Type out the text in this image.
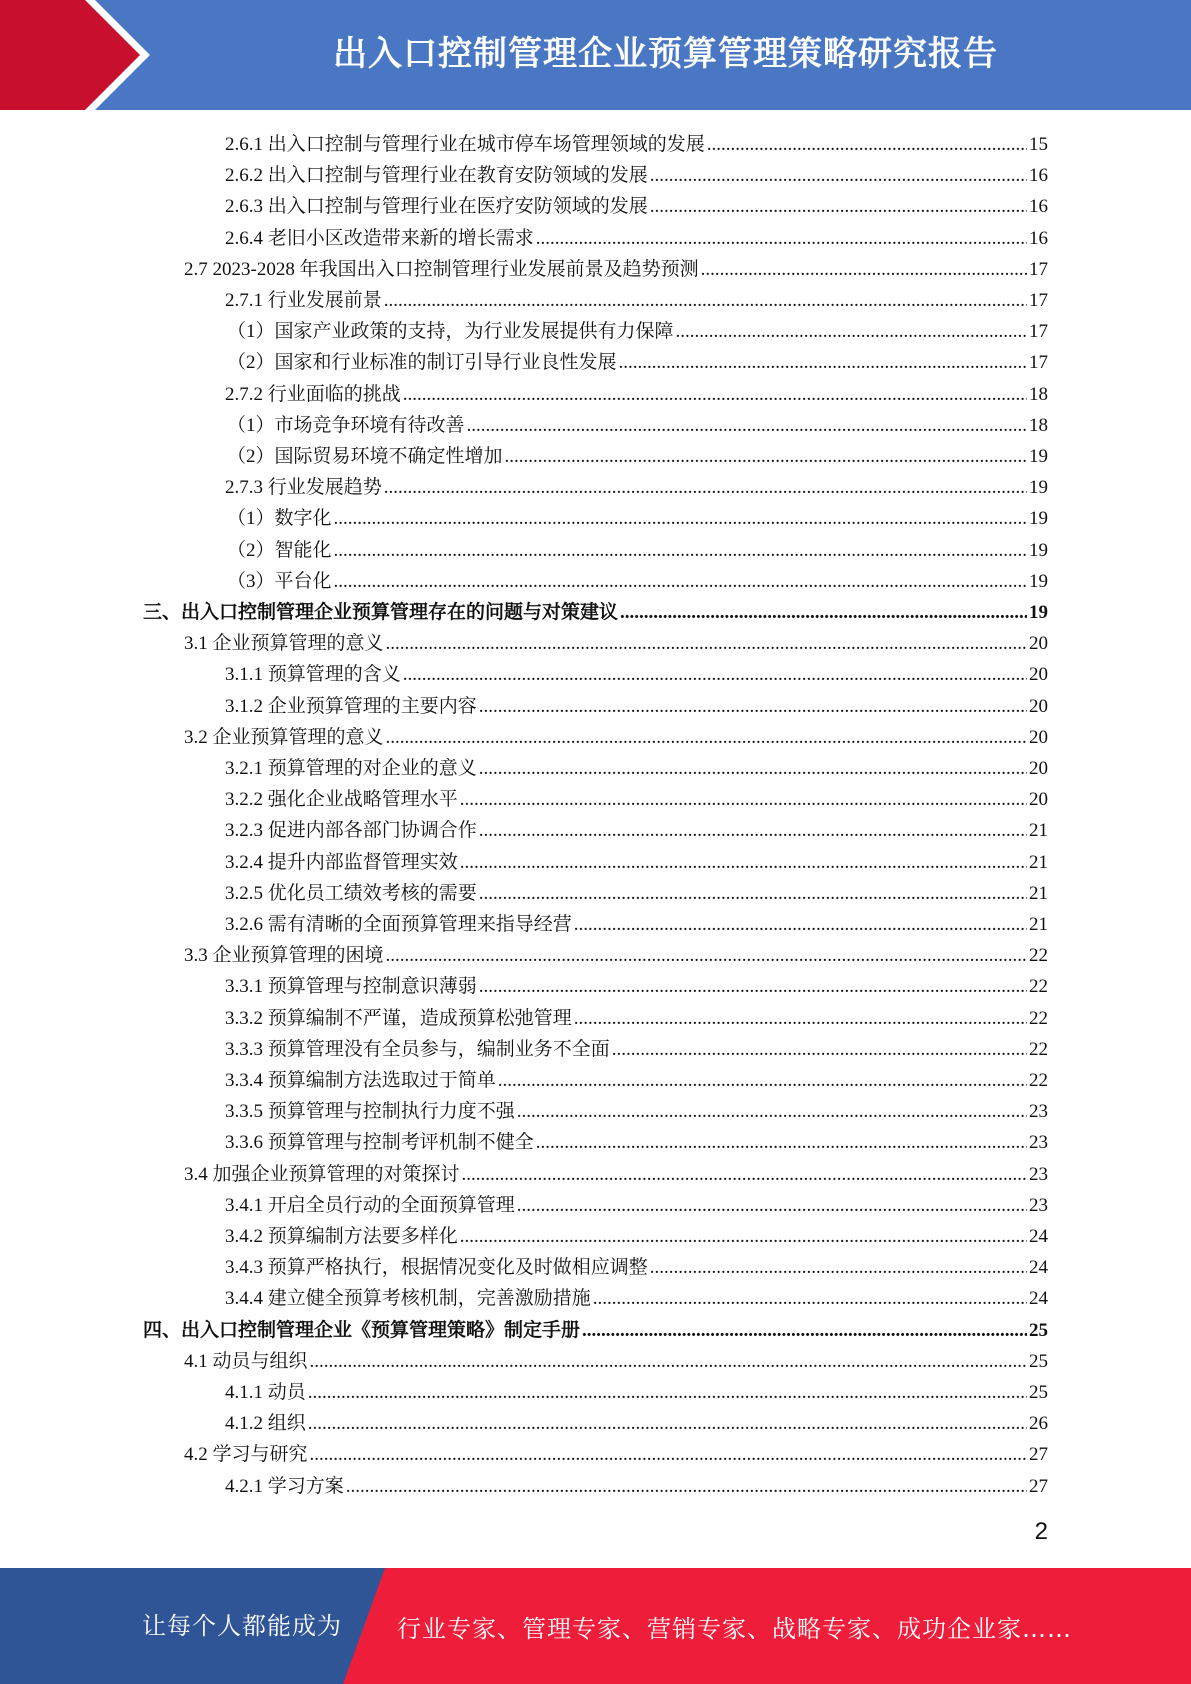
出入口控制管理企业预算管理策略研究报告
2.6.1 出入口控制与管理行业在城市停车场管理领域的发展 .....	15
2.6.2 出入口控制与管理行业在教育安防领域的发展 .....	16
2.6.3 出入口控制与管理行业在医疗安防领域的发展 .....	16
2.6.4 老旧小区改造带来新的增长需求 .....	16
2.7 2023-2028 年我国出入口控制管理行业发展前景及趋势预测 .....	17
2.7.1 行业发展前景 .....	17
（1）国家产业政策的支持，为行业发展提供有力保障 .....	17
（2）国家和行业标准的制订引导行业良性发展 .....	17
2.7.2 行业面临的挑战 .....	18
（1）市场竞争环境有待改善 .....	18
（2）国际贸易环境不确定性增加 .....	19
2.7.3 行业发展趋势 .....	19
（1）数字化 .....	19
（2）智能化 .....	19
（3）平台化 .....	19
三、出入口控制管理企业预算管理存在的问题与对策建议 .....	19
3.1 企业预算管理的意义 .....	20
3.1.1 预算管理的含义 .....	20
3.1.2 企业预算管理的主要内容 .....	20
3.2 企业预算管理的意义 .....	20
3.2.1 预算管理的对企业的意义 .....	20
3.2.2 强化企业战略管理水平 .....	20
3.2.3 促进内部各部门协调合作 .....	21
3.2.4 提升内部监督管理实效 .....	21
3.2.5 优化员工绩效考核的需要 .....	21
3.2.6 需有清晰的全面预算管理来指导经营 .....	21
3.3 企业预算管理的困境 .....	22
3.3.1 预算管理与控制意识薄弱 .....	22
3.3.2 预算编制不严谨，造成预算松弛管理 .....	22
3.3.3 预算管理没有全员参与，编制业务不全面 .....	22
3.3.4 预算编制方法选取过于简单 .....	22
3.3.5 预算管理与控制执行力度不强 .....	23
3.3.6 预算管理与控制考评机制不健全 .....	23
3.4 加强企业预算管理的对策探讨 .....	23
3.4.1 开启全员行动的全面预算管理 .....	23
3.4.2 预算编制方法要多样化 .....	24
3.4.3 预算严格执行，根据情况变化及时做相应调整 .....	24
3.4.4 建立健全预算考核机制，完善激励措施 .....	24
四、出入口控制管理企业《预算管理策略》制定手册 .....	25
4.1 动员与组织 .....	25
4.1.1 动员 .....	25
4.1.2 组织 .....	26
4.2 学习与研究 .....	27
4.2.1 学习方案 .....	27
2
让每个人都能成为 行业专家、管理专家、营销专家、战略专家、成功企业家……
